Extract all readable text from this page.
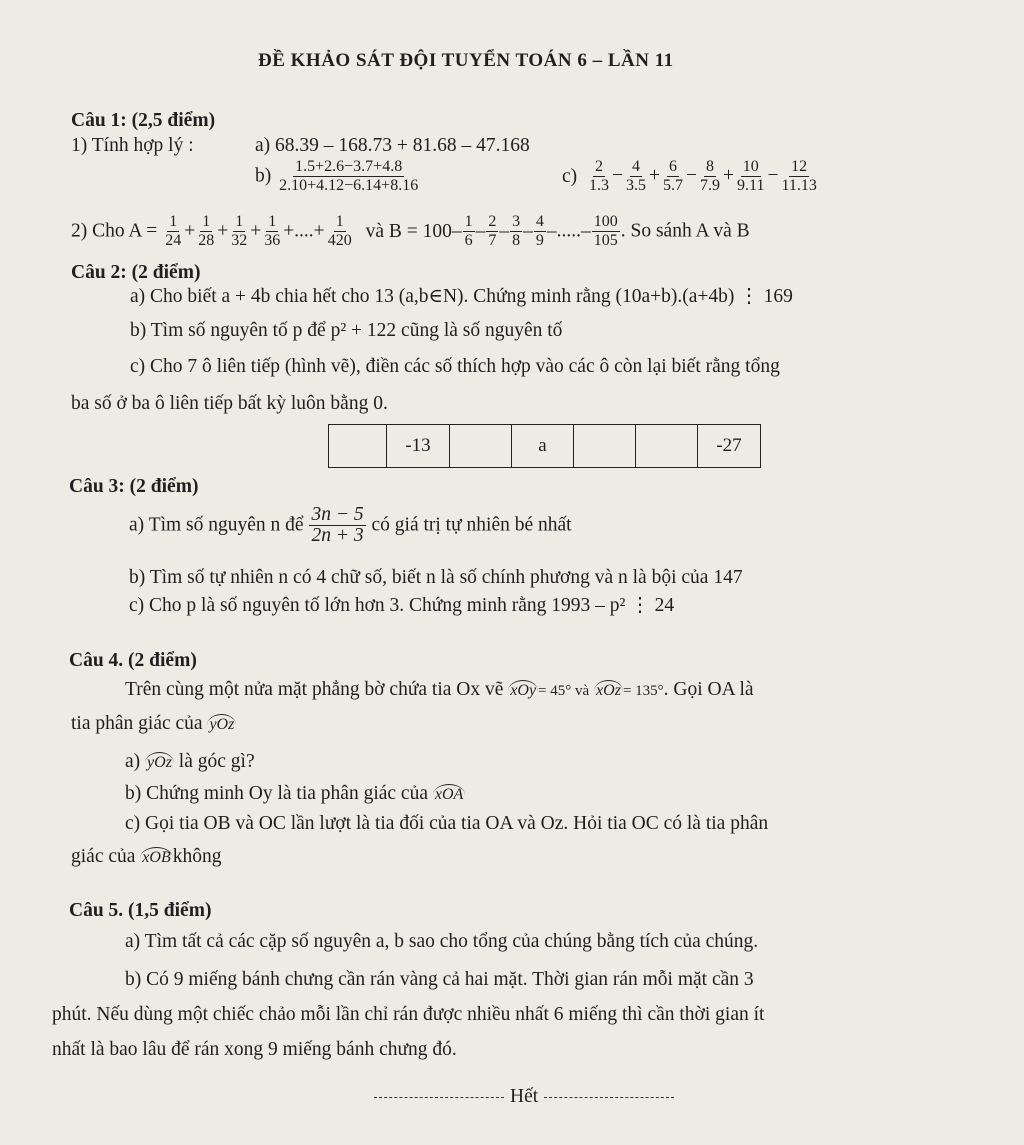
ĐỀ KHẢO SÁT ĐỘI TUYỂN TOÁN 6 – LẦN 11
Câu 1: (2,5 điểm)
1) Tính hợp lý :	a) 68.39 – 168.73 + 81.68 – 47.168
$b) \frac{1.5+2.6-3.7+4.8}{2.10+4.12-6.14+8.16}$	$c) \frac{2}{1.3} - \frac{4}{3.5} + \frac{6}{5.7} - \frac{8}{7.9} + \frac{10}{9.11} - \frac{12}{11.13}$
2) Cho $A = \frac{1}{24} + \frac{1}{28} + \frac{1}{32} + \frac{1}{36}$ +....+ $\frac{1}{420}$ và $B = 100- \frac{1}{6} - \frac{2}{7} - \frac{3}{8} - \frac{4}{9}$ –.....– $\frac{100}{105}$ . So sánh A và B
Câu 2: (2 điểm)
a) Cho biết a + 4b chia hết cho 13 (a,b∈N). Chứng minh rằng (10a+b).(a+4b) ⋮ 169
b) Tìm số nguyên tố p để p² + 122 cũng là số nguyên tố
c) Cho 7 ô liên tiếp (hình vẽ), điền các số thích hợp vào các ô còn lại biết rằng tổng
ba số ở ba ô liên tiếp bất kỳ luôn bằng 0.
	-13		a			-27
Câu 3: (2 điểm)
a) Tìm số nguyên n để $\frac{3n - 5}{2n + 3}$ có giá trị tự nhiên bé nhất
b) Tìm số tự nhiên n có 4 chữ số, biết n là số chính phương và n là bội của 147
c) Cho p là số nguyên tố lớn hơn 3. Chứng minh rằng 1993 – p² ⋮ 24
Câu 4. (2 điểm)
Trên cùng một nửa mặt phẳng bờ chứa tia Ox vẽ xOy = 45° và xOz = 135°. Gọi OA là
tia phân giác của yOz
a) yOz là góc gì?
b) Chứng minh Oy là tia phân giác của xOA
c) Gọi tia OB và OC lần lượt là tia đối của tia OA và Oz. Hỏi tia OC có là tia phân
giác của xOB không
Câu 5. (1,5 điểm)
a) Tìm tất cả các cặp số nguyên a, b sao cho tổng của chúng bằng tích của chúng.
b) Có 9 miếng bánh chưng cần rán vàng cả hai mặt. Thời gian rán mỗi mặt cần 3
phút. Nếu dùng một chiếc chảo mỗi lần chỉ rán được nhiều nhất 6 miếng thì cần thời gian ít
nhất là bao lâu để rán xong 9 miếng bánh chưng đó.
Hết
